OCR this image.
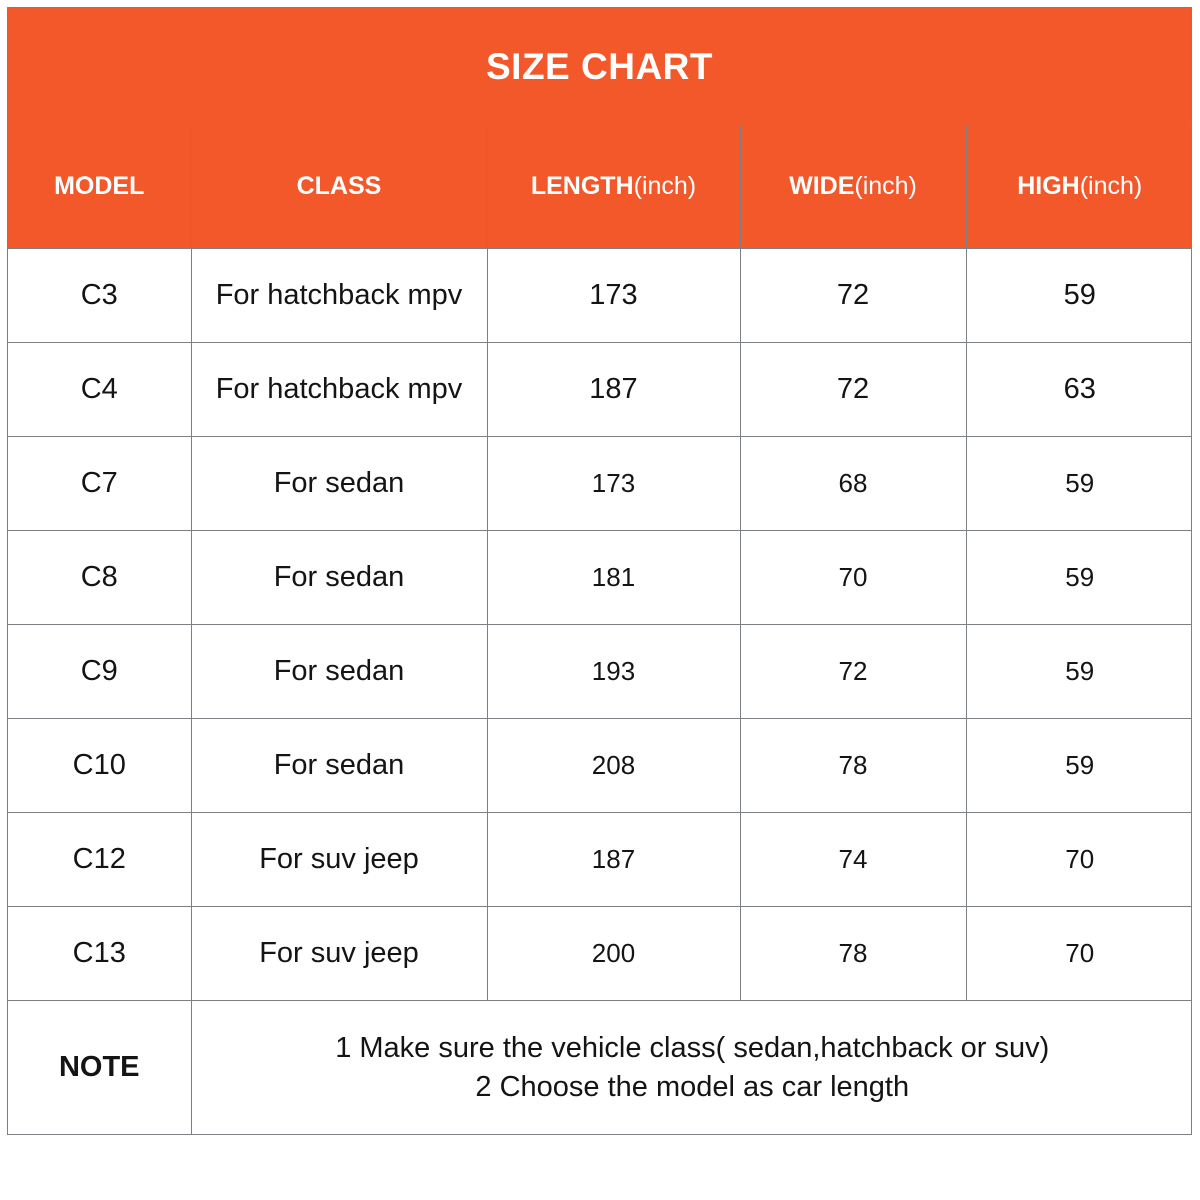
SIZE CHART
MODEL	CLASS	LENGTH(inch)	WIDE(inch)	HIGH(inch)
C3	For hatchback mpv	173	72	59
C4	For hatchback mpv	187	72	63
C7	For sedan	173	68	59
C8	For sedan	181	70	59
C9	For sedan	193	72	59
C10	For sedan	208	78	59
C12	For suv jeep	187	74	70
C13	For suv jeep	200	78	70
NOTE	1 Make sure the vehicle class( sedan,hatchback or suv)
2 Choose the model as car length			
